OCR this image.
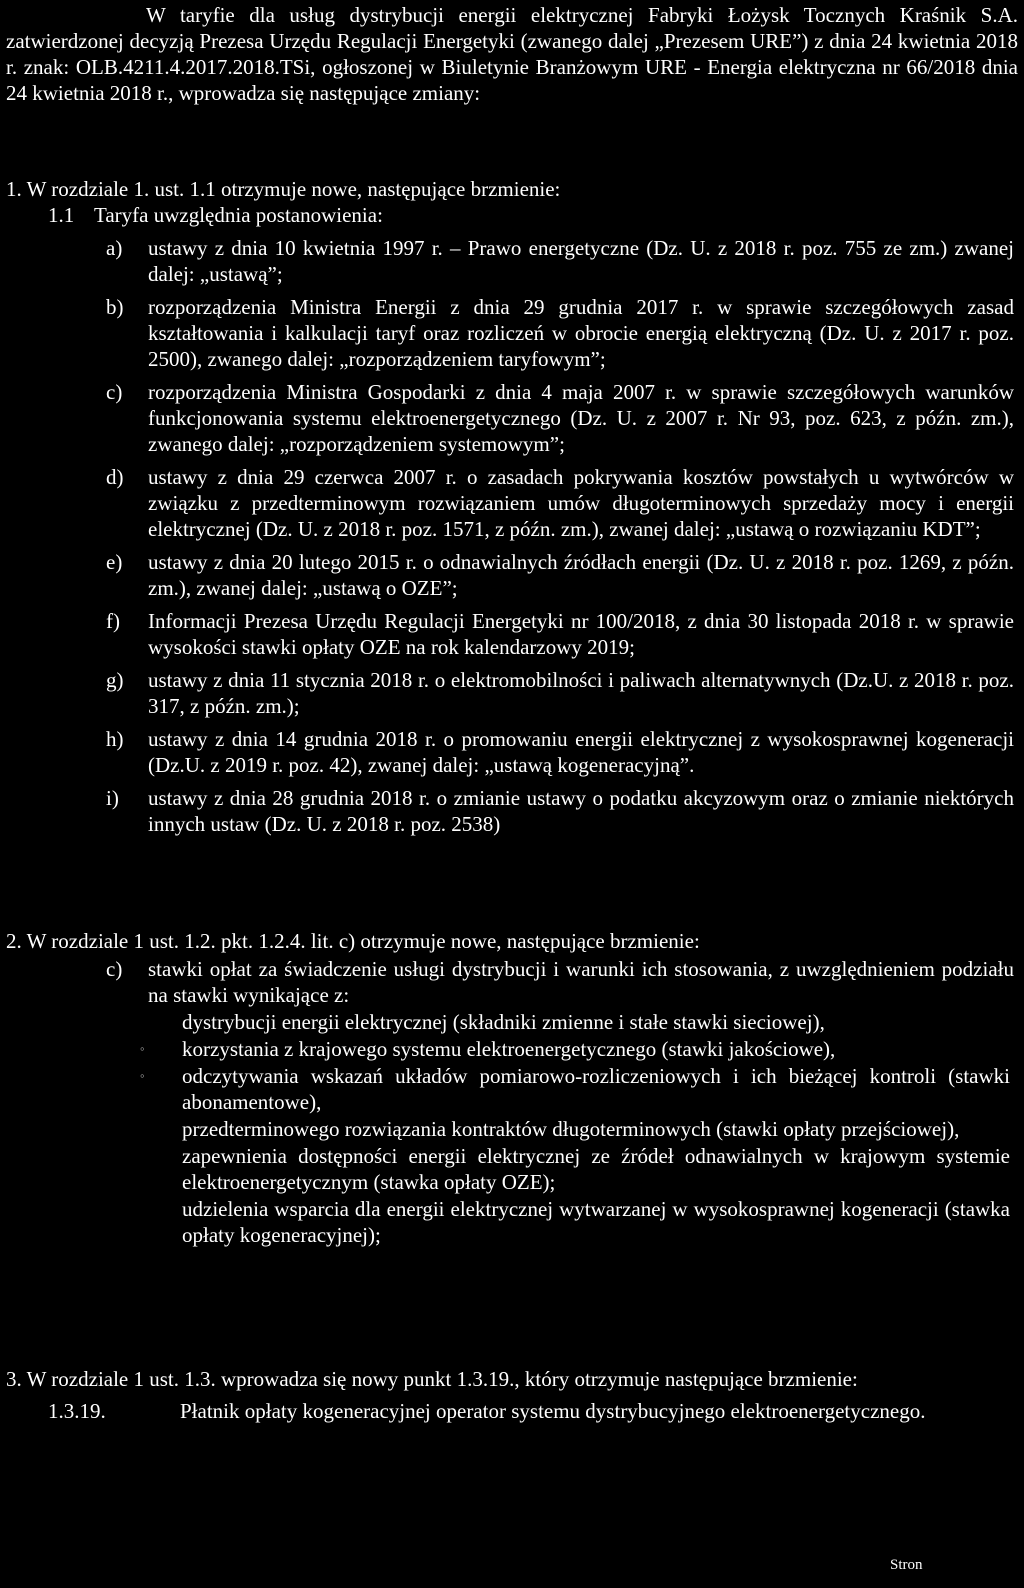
W taryfie dla usług dystrybucji energii elektrycznej Fabryki Łożysk Tocznych Kraśnik S.A. zatwierdzonej decyzją Prezesa Urzędu Regulacji Energetyki (zwanego dalej „Prezesem URE”) z dnia 24 kwietnia 2018 r. znak: OLB.4211.4.2017.2018.TSi, ogłoszonej w Biuletynie Branżowym URE - Energia elektryczna nr 66/2018 dnia 24 kwietnia 2018 r., wprowadza się następujące zmiany:
1. W rozdziale 1. ust. 1.1 otrzymuje nowe, następujące brzmienie:
1.1 Taryfa uwzględnia postanowienia:
a)	ustawy z dnia 10 kwietnia 1997 r. – Prawo energetyczne (Dz. U. z 2018 r. poz. 755 ze zm.) zwanej dalej: „ustawą”;
b)	rozporządzenia Ministra Energii z dnia 29 grudnia 2017 r. w sprawie szczegółowych zasad kształtowania i kalkulacji taryf oraz rozliczeń w obrocie energią elektryczną (Dz. U. z 2017 r. poz. 2500), zwanego dalej: „rozporządzeniem taryfowym”;
c)	rozporządzenia Ministra Gospodarki z dnia 4 maja 2007 r. w sprawie szczegółowych warunków funkcjonowania systemu elektroenergetycznego (Dz. U. z 2007 r. Nr 93, poz. 623, z późn. zm.), zwanego dalej: „rozporządzeniem systemowym”;
d)	ustawy z dnia 29 czerwca 2007 r. o zasadach pokrywania kosztów powstałych u wytwórców w związku z przedterminowym rozwiązaniem umów długoterminowych sprzedaży mocy i energii elektrycznej (Dz. U. z 2018 r. poz. 1571, z późn. zm.), zwanej dalej: „ustawą o rozwiązaniu KDT”;
e)	ustawy z dnia 20 lutego 2015 r. o odnawialnych źródłach energii (Dz. U. z 2018 r. poz. 1269, z późn. zm.), zwanej dalej: „ustawą o OZE”;
f)	Informacji Prezesa Urzędu Regulacji Energetyki nr 100/2018, z dnia 30 listopada 2018 r. w sprawie wysokości stawki opłaty OZE na rok kalendarzowy 2019;
g)	ustawy z dnia 11 stycznia 2018 r. o elektromobilności i paliwach alternatywnych (Dz.U. z 2018 r. poz. 317, z późn. zm.);
h)	ustawy z dnia 14 grudnia 2018 r. o promowaniu energii elektrycznej z wysokosprawnej kogeneracji (Dz.U. z 2019 r. poz. 42), zwanej dalej: „ustawą kogeneracyjną”.
i)	ustawy z dnia 28 grudnia 2018 r. o zmianie ustawy o podatku akcyzowym oraz o zmianie niektórych innych ustaw (Dz. U. z 2018 r. poz. 2538)
2. W rozdziale 1 ust. 1.2. pkt. 1.2.4. lit. c) otrzymuje nowe, następujące brzmienie:
c)	stawki opłat za świadczenie usługi dystrybucji i warunki ich stosowania, z uwzględnieniem podziału na stawki wynikające z:
dystrybucji energii elektrycznej (składniki zmienne i stałe stawki sieciowej),
◦	korzystania z krajowego systemu elektroenergetycznego (stawki jakościowe),
◦	odczytywania wskazań układów pomiarowo-rozliczeniowych i ich bieżącej kontroli (stawki abonamentowe),
przedterminowego rozwiązania kontraktów długoterminowych (stawki opłaty przejściowej),
zapewnienia dostępności energii elektrycznej ze źródeł odnawialnych w krajowym systemie elektroenergetycznym (stawka opłaty OZE);
udzielenia wsparcia dla energii elektrycznej wytwarzanej w wysokosprawnej kogeneracji (stawka opłaty kogeneracyjnej);
3. W rozdziale 1 ust. 1.3. wprowadza się nowy punkt 1.3.19., który otrzymuje następujące brzmienie:
1.3.19.	Płatnik opłaty kogeneracyjnej operator systemu dystrybucyjnego elektroenergetycznego.
Stron
